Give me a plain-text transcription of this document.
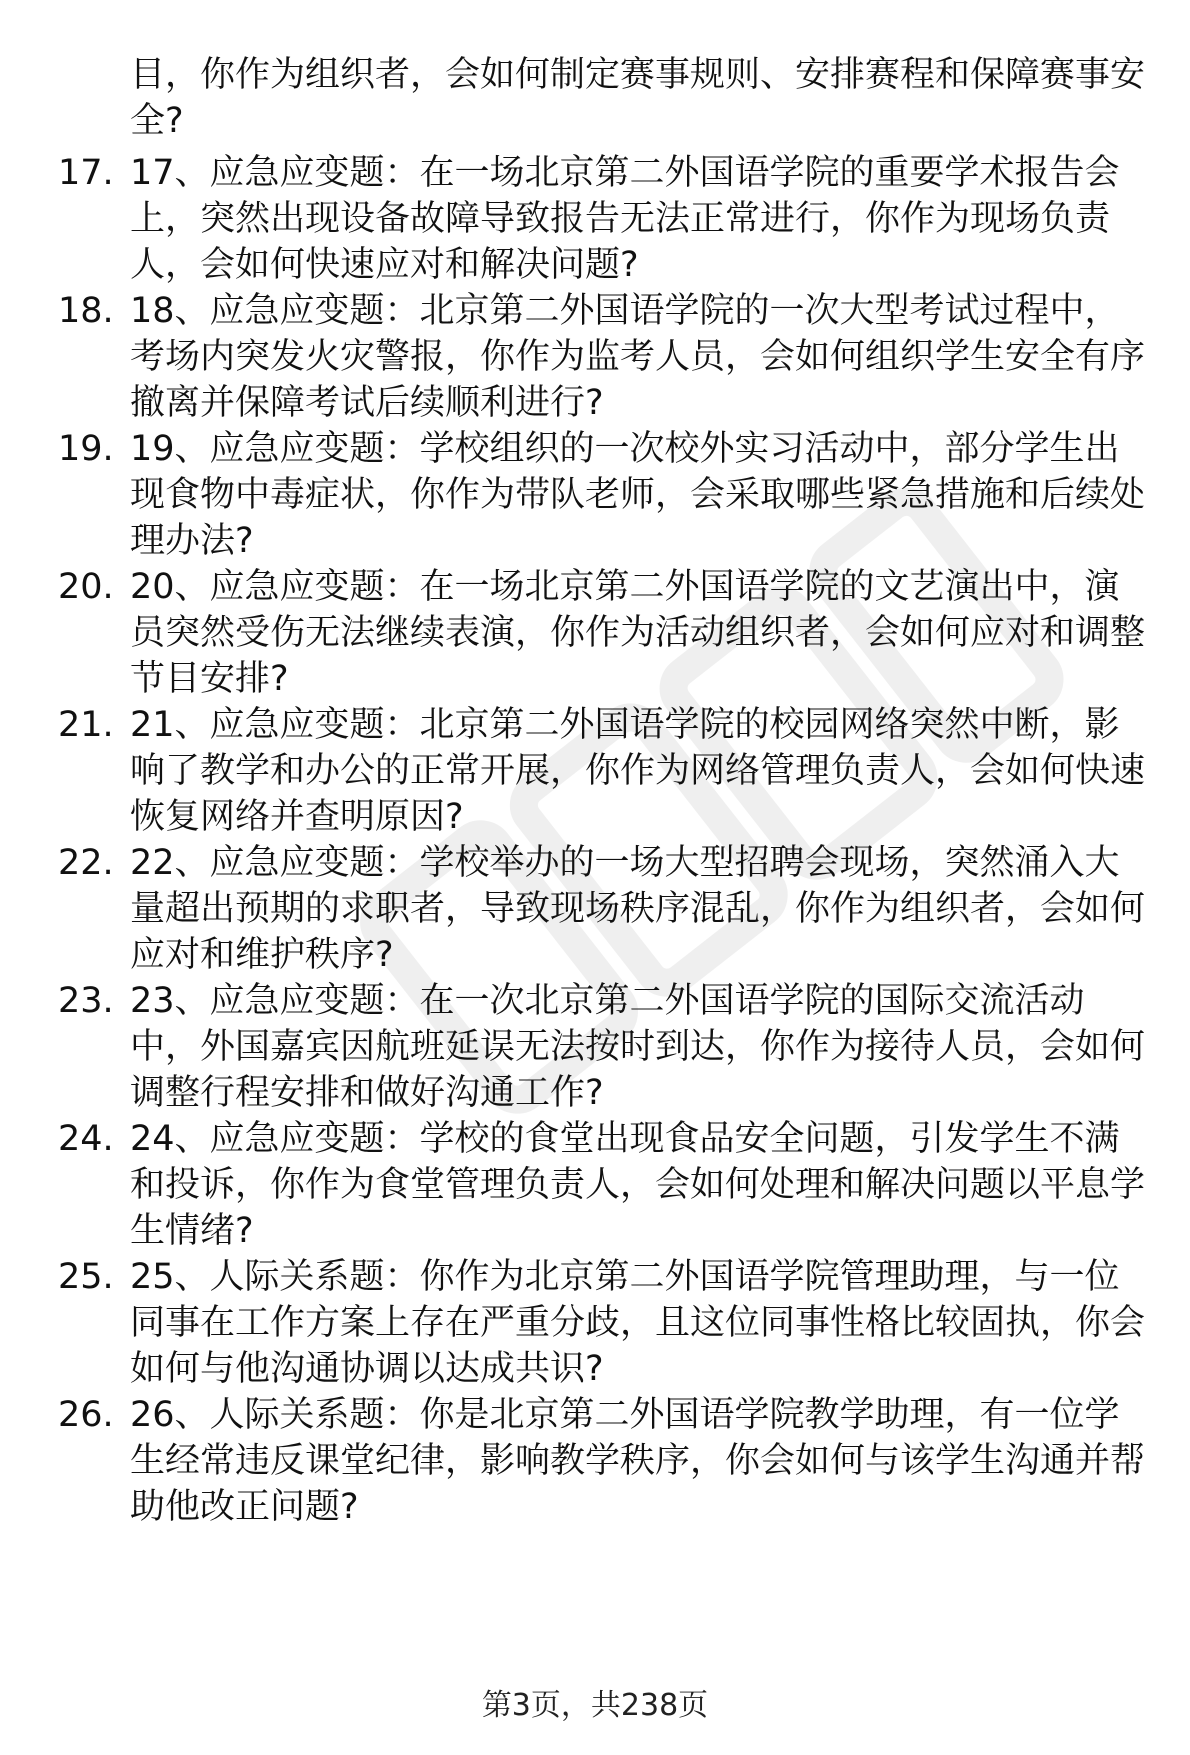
目，你作为组织者，会如何制定赛事规则、安排赛程和保障赛事安全?
17. 17、应急应变题：在一场北京第二外国语学院的重要学术报告会上，突然出现设备故障导致报告无法正常进行，你作为现场负责人，会如何快速应对和解决问题?
18. 18、应急应变题：北京第二外国语学院的一次大型考试过程中，考场内突发火灾警报，你作为监考人员，会如何组织学生安全有序撤离并保障考试后续顺利进行?
19. 19、应急应变题：学校组织的一次校外实习活动中，部分学生出现食物中毒症状，你作为带队老师，会采取哪些紧急措施和后续处理办法?
20. 20、应急应变题：在一场北京第二外国语学院的文艺演出中，演员突然受伤无法继续表演，你作为活动组织者，会如何应对和调整节目安排?
21. 21、应急应变题：北京第二外国语学院的校园网络突然中断，影响了教学和办公的正常开展，你作为网络管理负责人，会如何快速恢复网络并查明原因?
22. 22、应急应变题：学校举办的一场大型招聘会现场，突然涌入大量超出预期的求职者，导致现场秩序混乱，你作为组织者，会如何应对和维护秩序?
23. 23、应急应变题：在一次北京第二外国语学院的国际交流活动中，外国嘉宾因航班延误无法按时到达，你作为接待人员，会如何调整行程安排和做好沟通工作?
24. 24、应急应变题：学校的食堂出现食品安全问题，引发学生不满和投诉，你作为食堂管理负责人，会如何处理和解决问题以平息学生情绪?
25. 25、人际关系题：你作为北京第二外国语学院管理助理，与一位同事在工作方案上存在严重分歧，且这位同事性格比较固执，你会如何与他沟通协调以达成共识?
26. 26、人际关系题：你是北京第二外国语学院教学助理，有一位学生经常违反课堂纪律，影响教学秩序，你会如何与该学生沟通并帮助他改正问题?
第3页，共238页
